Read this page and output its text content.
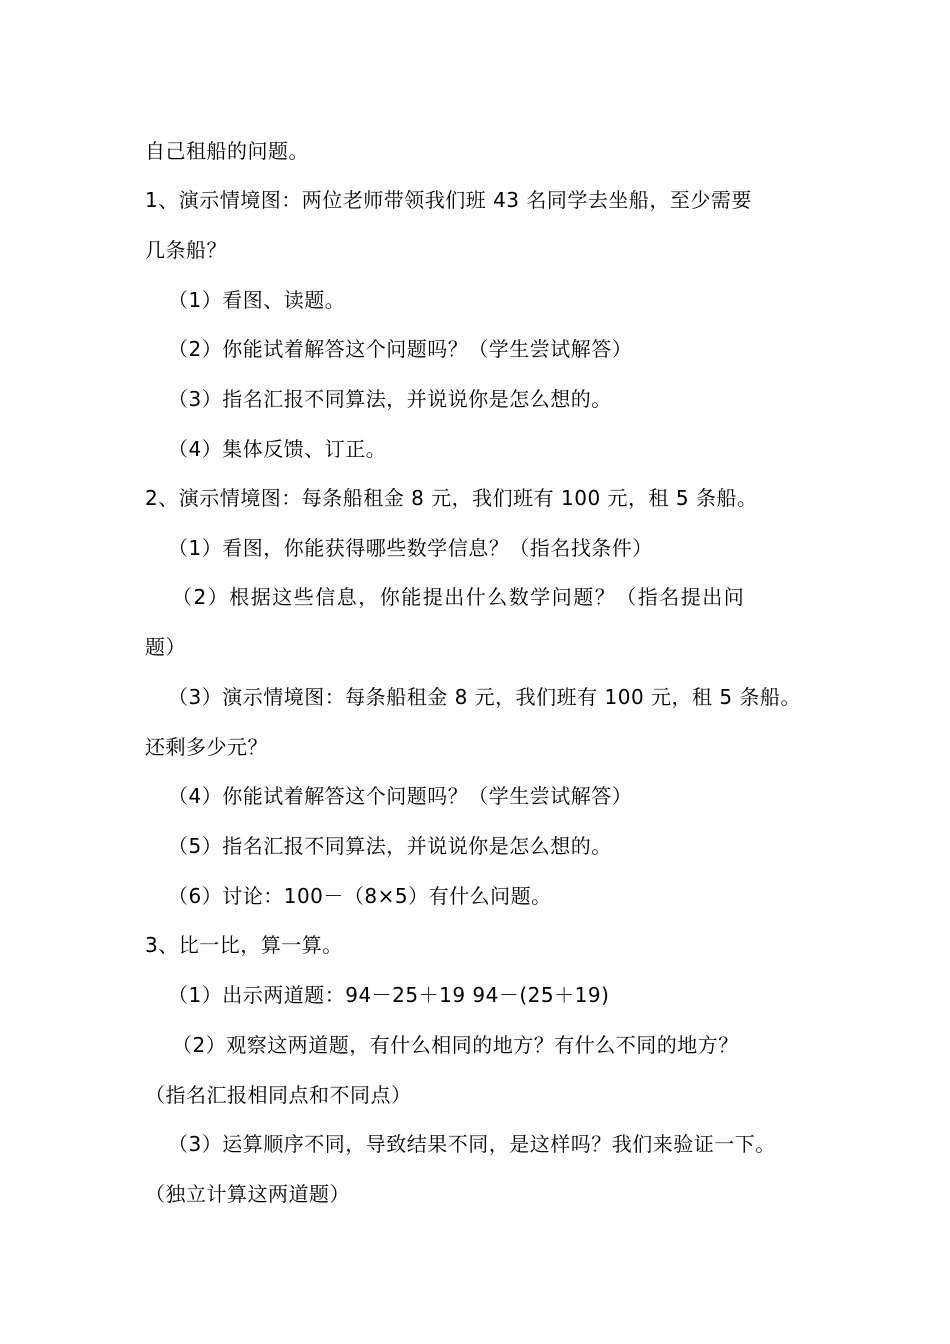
自己租船的问题。
1、演示情境图：两位老师带领我们班 43 名同学去坐船，至少需要
几条船？
（1）看图、读题。
（2）你能试着解答这个问题吗？（学生尝试解答）
（3）指名汇报不同算法，并说说你是怎么想的。
（4）集体反馈、订正。
2、演示情境图：每条船租金 8 元，我们班有 100 元，租 5 条船。
（1）看图，你能获得哪些数学信息？（指名找条件）
（2）根据这些信息，你能提出什么数学问题？（指名提出问
题）
（3）演示情境图：每条船租金 8 元，我们班有 100 元，租 5 条船。
还剩多少元？
（4）你能试着解答这个问题吗？（学生尝试解答）
（5）指名汇报不同算法，并说说你是怎么想的。
（6）讨论：100－（8×5）有什么问题。
3、比一比，算一算。
（1）出示两道题：94－25＋19 94－(25＋19)
（2）观察这两道题，有什么相同的地方？有什么不同的地方？
（指名汇报相同点和不同点）
（3）运算顺序不同，导致结果不同，是这样吗？我们来验证一下。
（独立计算这两道题）
